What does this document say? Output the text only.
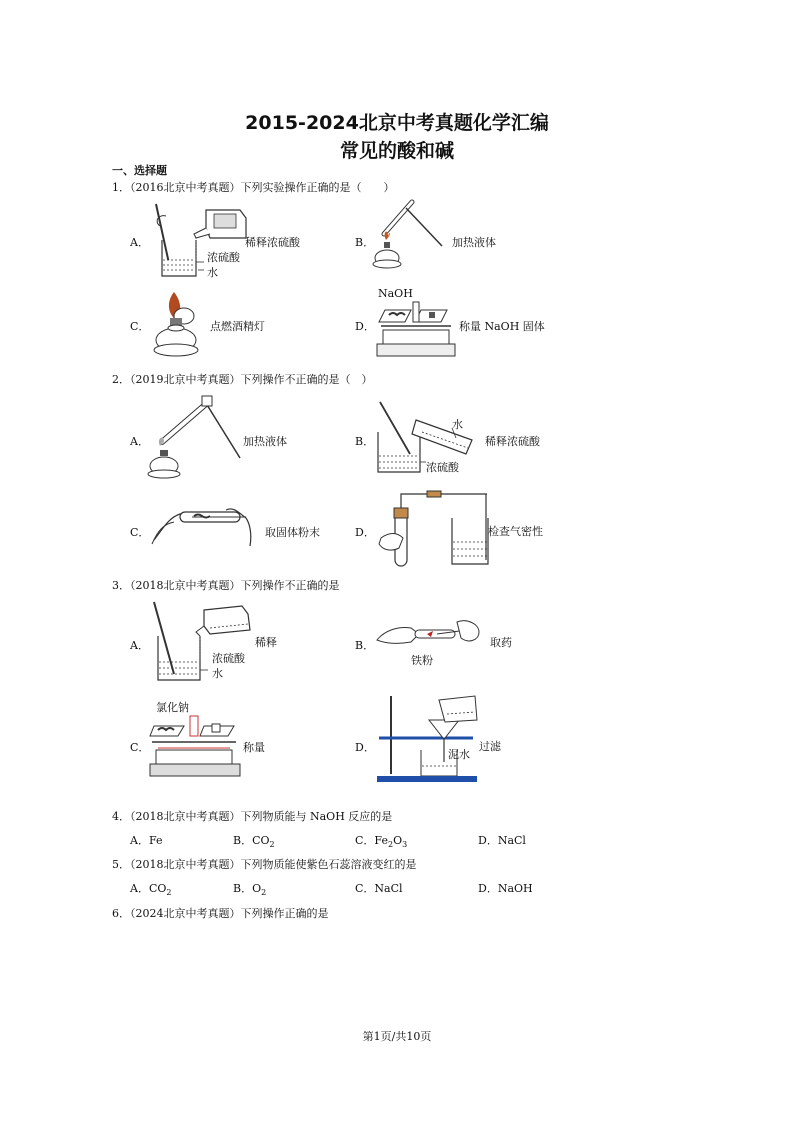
2015-2024北京中考真题化学汇编
常见的酸和碱
一、选择题
1．（2016北京中考真题）下列实验操作正确的是（　　）
A．	稀释浓硫酸
浓硫酸
水
B．	加热液体
C．	点燃酒精灯	D．
NaOH
称量 NaOH 固体
2．（2019北京中考真题）下列操作不正确的是（　）
A．	加热液体	B．
水
稀释浓硫酸
浓硫酸
C．	取固体粉末	D．	检查气密性
3．（2018北京中考真题）下列操作不正确的是
A．	稀释
浓硫酸
水
B．	取药
铁粉
C．
氯化钠
称量	D．	过滤
泥水
4．（2018北京中考真题）下列物质能与 NaOH 反应的是
A．Fe	B．$CO_2$	C．$Fe_2O_3$	D．NaCl
5．（2018北京中考真题）下列物质能使紫色石蕊溶液变红的是
A．$CO_2$	B．$O_2$	C．NaCl	D．NaOH
6．（2024北京中考真题）下列操作正确的是
第1页/共10页
